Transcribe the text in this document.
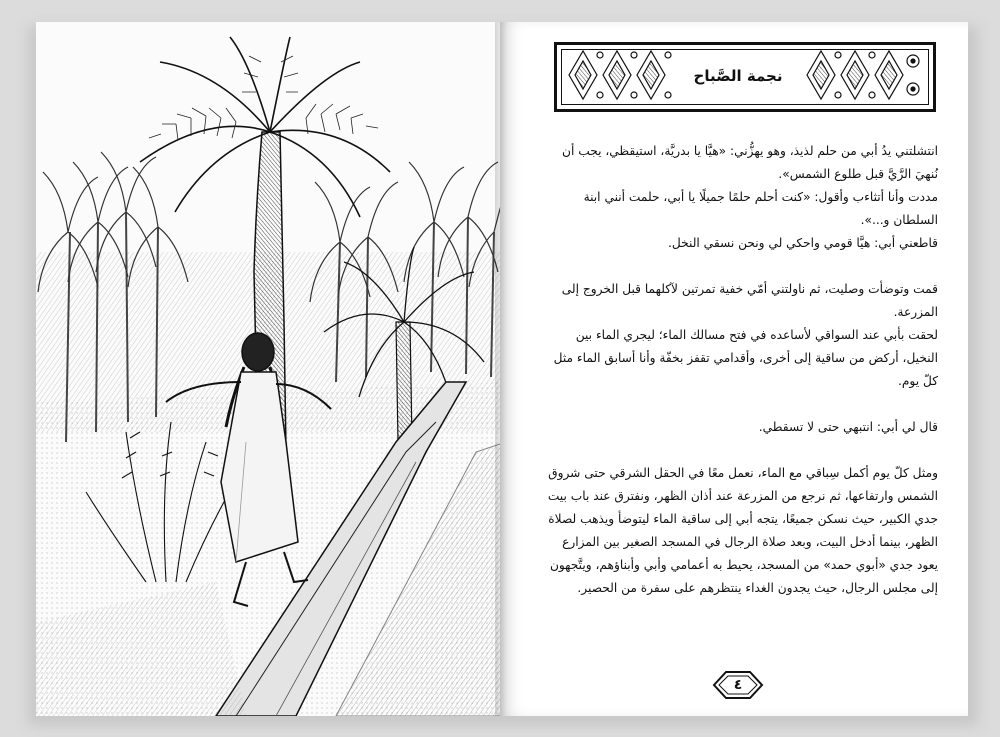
نجمة الصَّباح

انتشلتني يدُ أبي من حلم لذيذ، وهو يهزُّني: «هيَّا يا بدريَّة، استيقظي، يجب أن نُنهيَ الرَّيَّ قبل طلوع الشمس».

مددت وأنا أتثاءب وأقول: «كنت أحلم حلمًا جميلًا يا أبي، حلمت أنني ابنة السلطان و...».

قاطعني أبي: هيَّا قومي واحكي لي ونحن نسقي النخل.

قمت وتوضأت وصليت، ثم ناولتني أمّي خفية تمرتين لآكلهما قبل الخروج إلى المزرعة.

لحقت بأبي عند السواقي لأساعده في فتح مسالك الماء؛ ليجري الماء بين النخيل، أركض من ساقية إلى أخرى، وأقدامي تقفز بخفّة وأنا أسابق الماء مثل كلّ يوم.

قال لي أبي: انتبهي حتى لا تسقطي.

ومثل كلّ يوم أكمل سِباقي مع الماء، نعمل معًا في الحقل الشرقي حتى شروق الشمس وارتفاعها، ثم نرجع من المزرعة عند أذان الظهر، ونفترق عند باب بيت جدي الكبير، حيث نسكن جميعًا، يتجه أبي إلى ساقية الماء ليتوضأ ويذهب لصلاة الظهر، بينما أدخل البيت، وبعد صلاة الرجال في المسجد الصغير بين المزارع يعود جدي «أبوي حمد» من المسجد، يحيط به أعمامي وأبي وأبناؤهم، ويتَّجهون إلى مجلس الرجال، حيث يجدون الغداء ينتظرهم على سفرة من الحصير.

٤
